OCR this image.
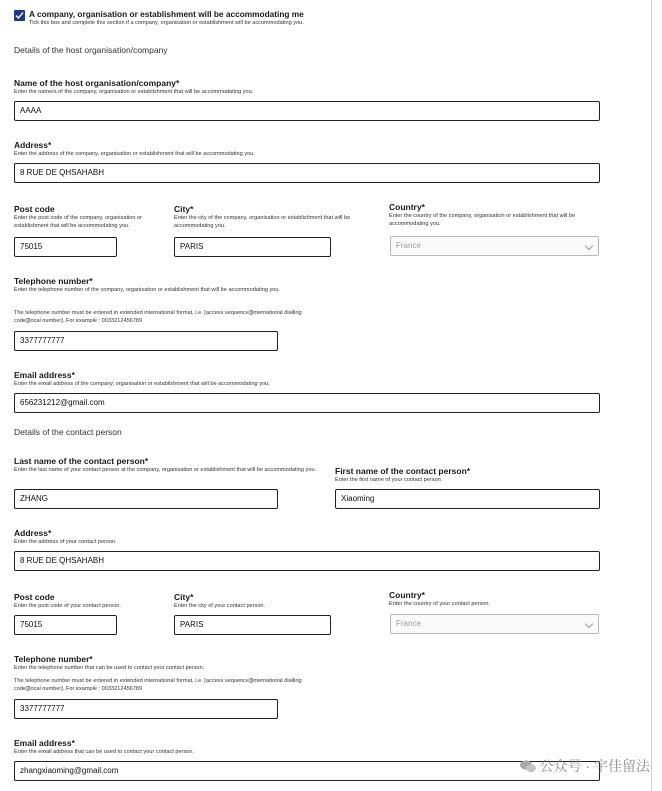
A company, organisation or establishment will be accommodating me
Tick this box and complete this section if a company, organisation or establishment will be accommodating you.
Details of the host organisation/company
Name of the host organisation/company*
Enter the name/s of the company, organisation or establishment that will be accommodating you.
AAAA
Address*
Enter the address of the company, organisation or establishment that will be accommodating you.
8 RUE DE QHSAHABH
Post code
Enter the post code of the company, organisation or establishment that will be accommodating you.
75015
City*
Enter the city of the company, organisation or establishment that will be accommodating you.
PARIS
Country*
Enter the country of the company, organisation or establishment that will be accommodating you.
France
Telephone number*
Enter the telephone number of the company, organisation or establishment that will be accommodating you.
The telephone number must be entered in extended international format, i.e. [access sequence][international dialling code][local number]. For example : 0033212456789
3377777777
Email address*
Enter the email address of the company, organisation or establishment that will be accommodating you.
656231212@gmail.com
Details of the contact person
Last name of the contact person*
Enter the last name of your contact person at the company, organisation or establishment that will be accommodating you.
ZHANG
First name of the contact person*
Enter the first name of your contact person.
Xiaoming
Address*
Enter the address of your contact person.
8 RUE DE QHSAHABH
Post code
Enter the post code of your contact person.
75015
City*
Enter the city of your contact person.
PARIS
Country*
Enter the country of your contact person.
France
Telephone number*
Enter the telephone number that can be used to contact your contact person.
The telephone number must be entered in extended international format, i.e. [access sequence][international dialling code][local number]. For example : 0033212456789
3377777777
Email address*
Enter the email address that can be used to contact your contact person.
zhangxiaoming@gmail.com	公众号 · 宇佳留法
